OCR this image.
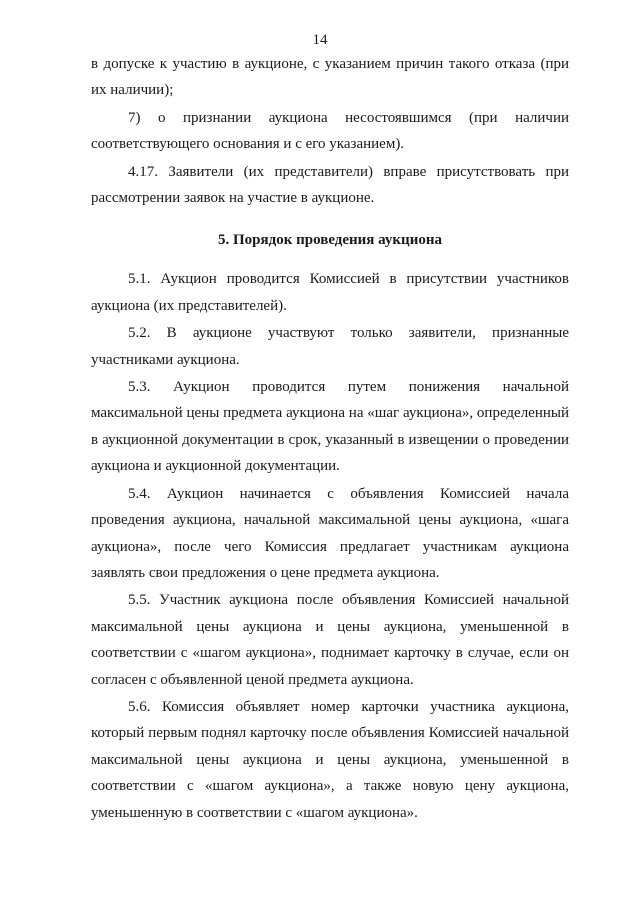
14

в допуске к участию в аукционе, с указанием причин такого отказа (при их наличии);

7) о признании аукциона несостоявшимся (при наличии соответствующего основания и с его указанием).

4.17. Заявители (их представители) вправе присутствовать при рассмотрении заявок на участие в аукционе.

5. Порядок проведения аукциона

5.1. Аукцион проводится Комиссией в присутствии участников аукциона (их представителей).

5.2. В аукционе участвуют только заявители, признанные участниками аукциона.

5.3. Аукцион проводится путем понижения начальной максимальной цены предмета аукциона на «шаг аукциона», определенный в аукционной документации в срок, указанный в извещении о проведении аукциона и аукционной документации.

5.4. Аукцион начинается с объявления Комиссией начала проведения аукциона, начальной максимальной цены аукциона, «шага аукциона», после чего Комиссия предлагает участникам аукциона заявлять свои предложения о цене предмета аукциона.

5.5. Участник аукциона после объявления Комиссией начальной максимальной цены аукциона и цены аукциона, уменьшенной в соответствии с «шагом аукциона», поднимает карточку в случае, если он согласен с объявленной ценой предмета аукциона.

5.6. Комиссия объявляет номер карточки участника аукциона, который первым поднял карточку после объявления Комиссией начальной максимальной цены аукциона и цены аукциона, уменьшенной в соответствии с «шагом аукциона», а также новую цену аукциона, уменьшенную в соответствии с «шагом аукциона».
